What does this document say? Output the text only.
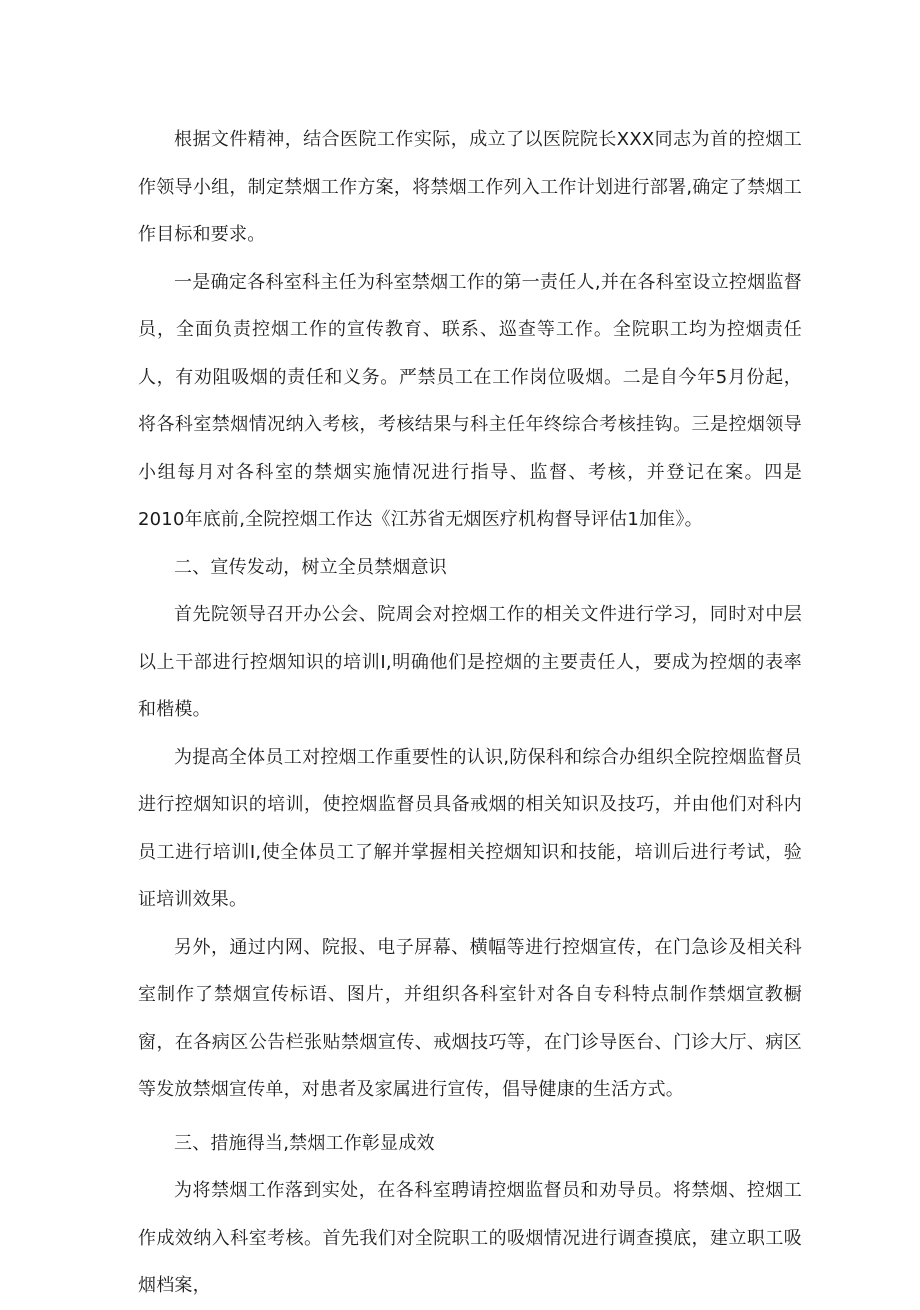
根据文件精神，结合医院工作实际，成立了以医院院长XXX同志为首的控烟工作领导小组，制定禁烟工作方案，将禁烟工作列入工作计划进行部署,确定了禁烟工作目标和要求。

一是确定各科室科主任为科室禁烟工作的第一责任人,并在各科室设立控烟监督员，全面负责控烟工作的宣传教育、联系、巡查等工作。全院职工均为控烟责任人，有劝阻吸烟的责任和义务。严禁员工在工作岗位吸烟。二是自今年5月份起，将各科室禁烟情况纳入考核，考核结果与科主任年终综合考核挂钩。三是控烟领导小组每月对各科室的禁烟实施情况进行指导、监督、考核，并登记在案。四是2010年底前,全院控烟工作达《江苏省无烟医疗机构督导评估1加隹》。

二、宣传发动，树立全员禁烟意识

首先院领导召开办公会、院周会对控烟工作的相关文件进行学习，同时对中层以上干部进行控烟知识的培训I,明确他们是控烟的主要责任人，要成为控烟的表率和楷模。

为提高全体员工对控烟工作重要性的认识,防保科和综合办组织全院控烟监督员进行控烟知识的培训，使控烟监督员具备戒烟的相关知识及技巧，并由他们对科内员工进行培训I,使全体员工了解并掌握相关控烟知识和技能，培训后进行考试，验证培训效果。

另外，通过内网、院报、电子屏幕、横幅等进行控烟宣传，在门急诊及相关科室制作了禁烟宣传标语、图片，并组织各科室针对各自专科特点制作禁烟宣教橱窗，在各病区公告栏张贴禁烟宣传、戒烟技巧等，在门诊导医台、门诊大厅、病区等发放禁烟宣传单，对患者及家属进行宣传，倡导健康的生活方式。

三、措施得当,禁烟工作彰显成效

为将禁烟工作落到实处，在各科室聘请控烟监督员和劝导员。将禁烟、控烟工作成效纳入科室考核。首先我们对全院职工的吸烟情况进行调查摸底，建立职工吸烟档案，
